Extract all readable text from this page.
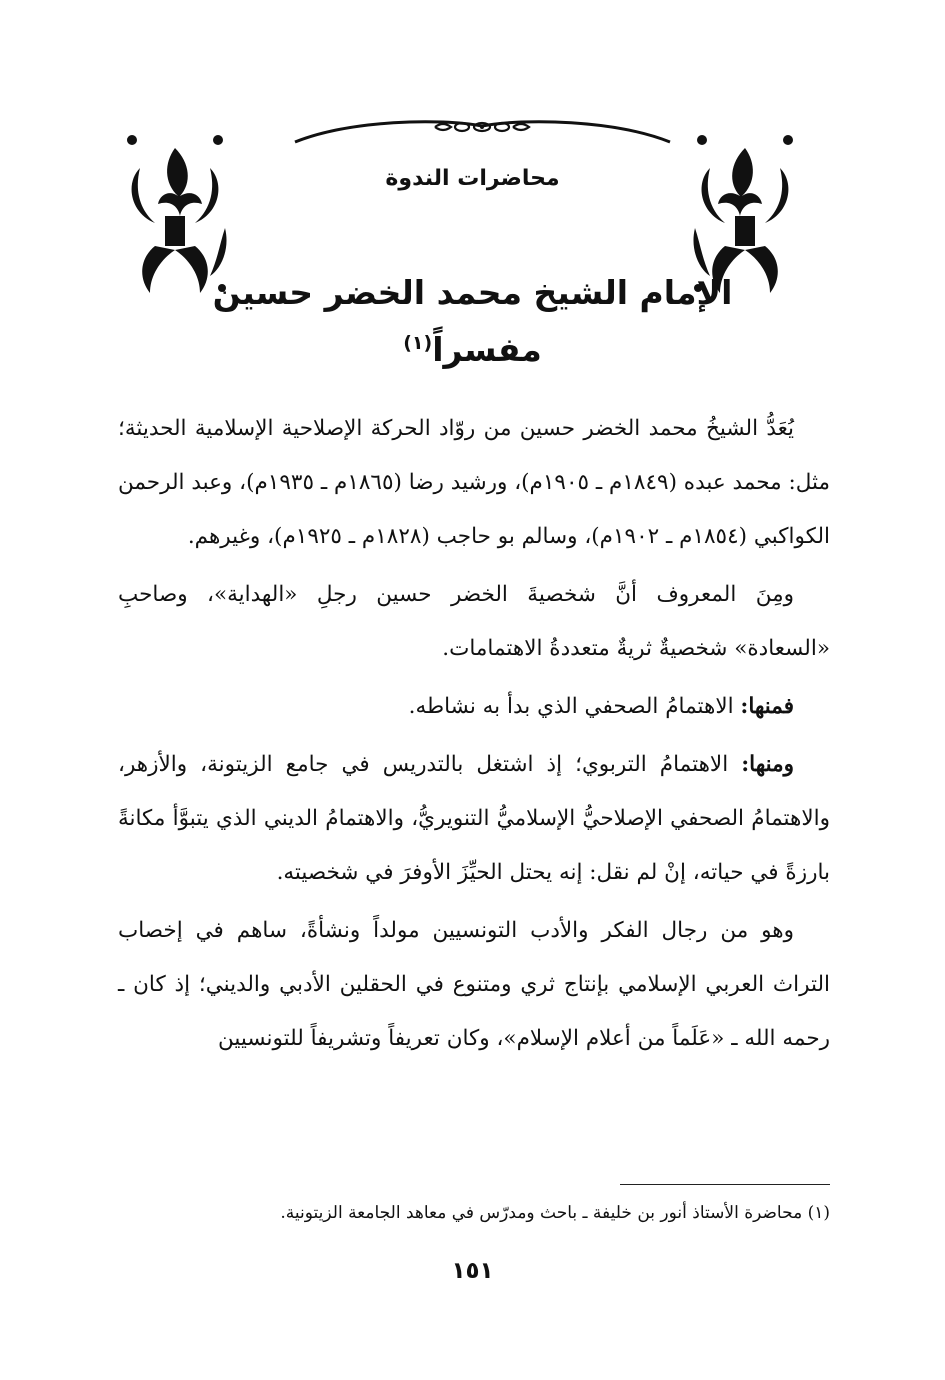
محاضرات الندوة
الإمام الشيخ محمد الخضر حسين مفسراً$^{(١)}$

يُعَدُّ الشيخُ محمد الخضر حسين من روّاد الحركة الإصلاحية الإسلامية الحديثة؛ مثل: محمد عبده (١٨٤٩م ـ ١٩٠٥م)، ورشيد رضا (١٨٦٥م ـ ١٩٣٥م)، وعبد الرحمن الكواكبي (١٨٥٤م ـ ١٩٠٢م)، وسالم بو حاجب (١٨٢٨م ـ ١٩٢٥م)، وغيرهم.

ومِنَ المعروف أنَّ شخصيةَ الخضر حسين رجلِ «الهداية»، وصاحبِ «السعادة» شخصيةٌ ثريةٌ متعددةُ الاهتمامات.

فمنها: الاهتمامُ الصحفي الذي بدأ به نشاطه.

ومنها: الاهتمامُ التربوي؛ إذ اشتغل بالتدريس في جامع الزيتونة، والأزهر، والاهتمامُ الصحفي الإصلاحيُّ الإسلاميُّ التنويريُّ، والاهتمامُ الديني الذي يتبوَّأ مكانةً بارزةً في حياته، إنْ لم نقل: إنه يحتل الحيِّزَ الأوفرَ في شخصيته.

وهو من رجال الفكر والأدب التونسيين مولداً ونشأةً، ساهم في إخصاب التراث العربي الإسلامي بإنتاج ثري ومتنوع في الحقلين الأدبي والديني؛ إذ كان ـ رحمه الله ـ «عَلَماً من أعلام الإسلام»، وكان تعريفاً وتشريفاً للتونسيين

(١) محاضرة الأستاذ أنور بن خليفة ـ باحث ومدرّس في معاهد الجامعة الزيتونية.
١٥١
